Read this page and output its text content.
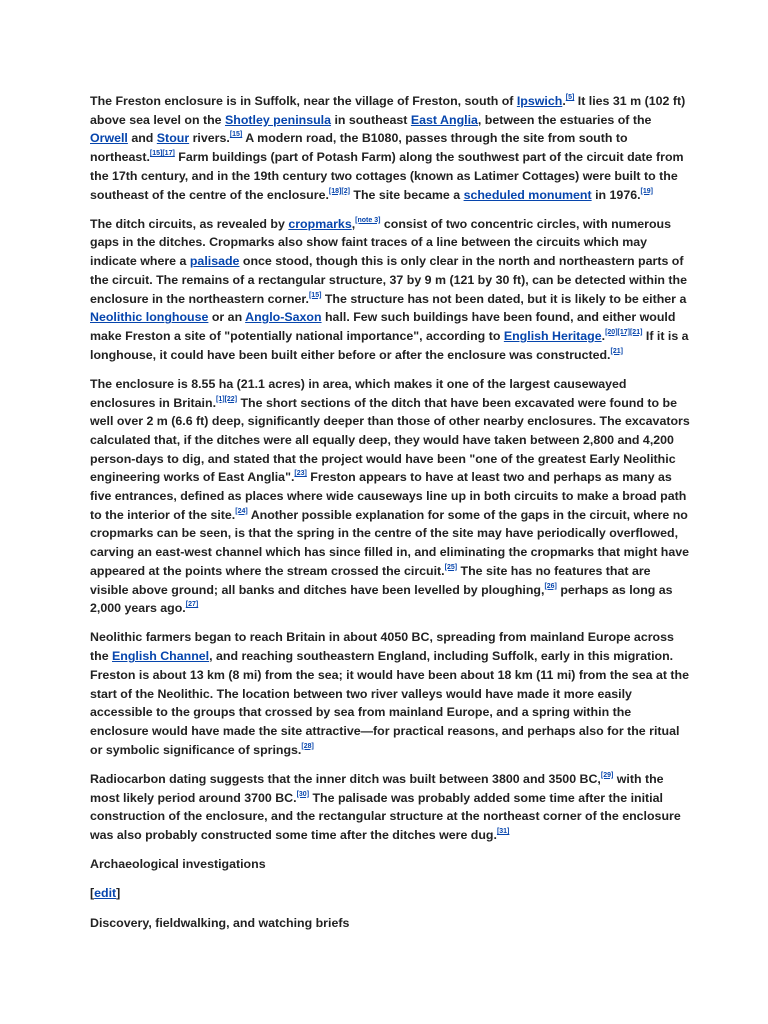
The Freston enclosure is in Suffolk, near the village of Freston, south of Ipswich.[5] It lies 31 m (102 ft) above sea level on the Shotley peninsula in southeast East Anglia, between the estuaries of the Orwell and Stour rivers.[15] A modern road, the B1080, passes through the site from south to northeast.[15][17] Farm buildings (part of Potash Farm) along the southwest part of the circuit date from the 17th century, and in the 19th century two cottages (known as Latimer Cottages) were built to the southeast of the centre of the enclosure.[18][2] The site became a scheduled monument in 1976.[19]

The ditch circuits, as revealed by cropmarks,[note 3] consist of two concentric circles, with numerous gaps in the ditches. Cropmarks also show faint traces of a line between the circuits which may indicate where a palisade once stood, though this is only clear in the north and northeastern parts of the circuit. The remains of a rectangular structure, 37 by 9 m (121 by 30 ft), can be detected within the enclosure in the northeastern corner.[15] The structure has not been dated, but it is likely to be either a Neolithic longhouse or an Anglo-Saxon hall. Few such buildings have been found, and either would make Freston a site of "potentially national importance", according to English Heritage.[20][17][21] If it is a longhouse, it could have been built either before or after the enclosure was constructed.[21]

The enclosure is 8.55 ha (21.1 acres) in area, which makes it one of the largest causewayed enclosures in Britain.[1][22] The short sections of the ditch that have been excavated were found to be well over 2 m (6.6 ft) deep, significantly deeper than those of other nearby enclosures. The excavators calculated that, if the ditches were all equally deep, they would have taken between 2,800 and 4,200 person-days to dig, and stated that the project would have been "one of the greatest Early Neolithic engineering works of East Anglia".[23] Freston appears to have at least two and perhaps as many as five entrances, defined as places where wide causeways line up in both circuits to make a broad path to the interior of the site.[24] Another possible explanation for some of the gaps in the circuit, where no cropmarks can be seen, is that the spring in the centre of the site may have periodically overflowed, carving an east-west channel which has since filled in, and eliminating the cropmarks that might have appeared at the points where the stream crossed the circuit.[25] The site has no features that are visible above ground; all banks and ditches have been levelled by ploughing,[26] perhaps as long as 2,000 years ago.[27]

Neolithic farmers began to reach Britain in about 4050 BC, spreading from mainland Europe across the English Channel, and reaching southeastern England, including Suffolk, early in this migration. Freston is about 13 km (8 mi) from the sea; it would have been about 18 km (11 mi) from the sea at the start of the Neolithic. The location between two river valleys would have made it more easily accessible to the groups that crossed by sea from mainland Europe, and a spring within the enclosure would have made the site attractive—for practical reasons, and perhaps also for the ritual or symbolic significance of springs.[28]

Radiocarbon dating suggests that the inner ditch was built between 3800 and 3500 BC,[29] with the most likely period around 3700 BC.[30] The palisade was probably added some time after the initial construction of the enclosure, and the rectangular structure at the northeast corner of the enclosure was also probably constructed some time after the ditches were dug.[31]

Archaeological investigations

[edit]

Discovery, fieldwalking, and watching briefs
